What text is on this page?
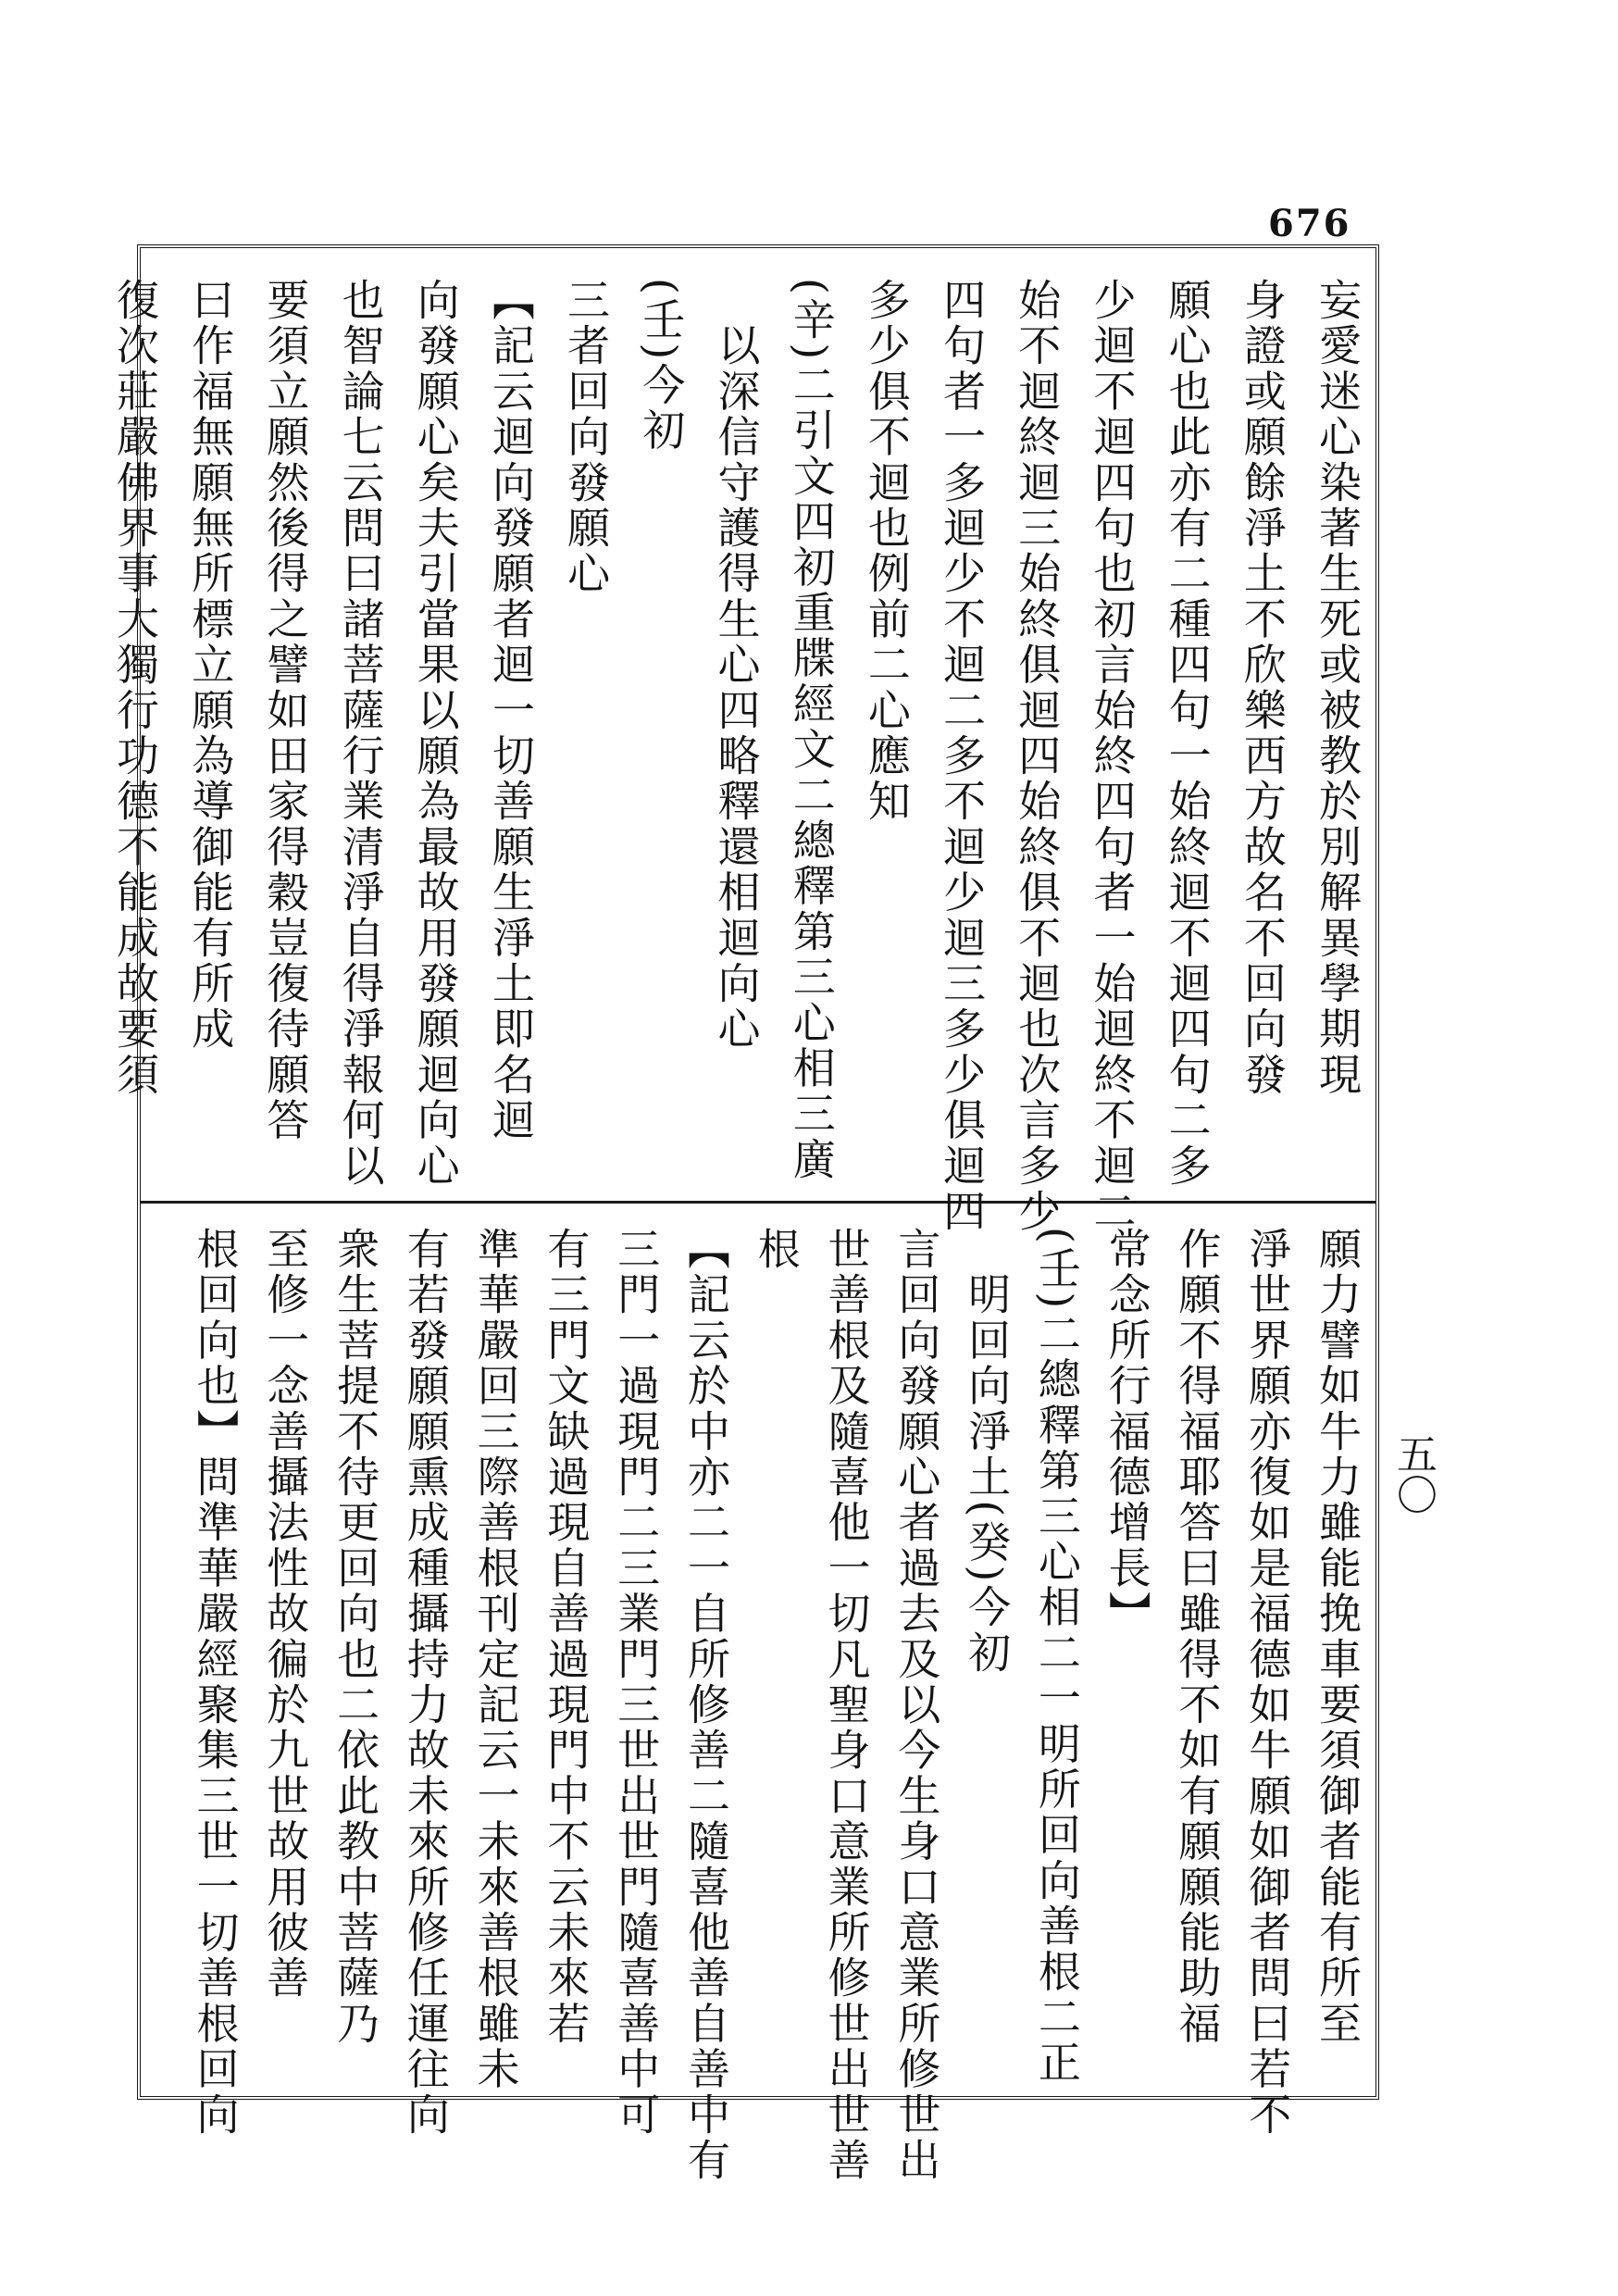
676
五〇
妄愛迷心染著生死或被教於別解異學期現
身證或願餘淨土不欣樂西方故名不回向發
願心也此亦有二種四句一始終迴不迴四句二多
少迴不迴四句也初言始終四句者一始迴終不迴二
始不迴終迴三始終俱迴四始終俱不迴也次言多少
四句者一多迴少不迴二多不迴少迴三多少俱迴四
多少俱不迴也例前二心應知
(辛)二引文四初重牒經文二總釋第三心相三廣
　以深信守護得生心四略釋還相迴向心
(壬)今初
三者回向發願心
【記云迴向發願者迴一切善願生淨土即名迴
向發願心矣夫引當果以願為最故用發願迴向心
也智論七云問曰諸菩薩行業清淨自得淨報何以
要須立願然後得之譬如田家得穀豈復待願答
曰作福無願無所標立願為導御能有所成
復次莊嚴佛界事大獨行功德不能成故要須
願力譬如牛力雖能挽車要須御者能有所至
淨世界願亦復如是福德如牛願如御者問曰若不
作願不得福耶答曰雖得不如有願願能助福
常念所行福德增長】
(壬)二總釋第三心相二一明所回向善根二正
　明回向淨土(癸)今初
言回向發願心者過去及以今生身口意業所修世出
世善根及隨喜他一切凡聖身口意業所修世出世善
根
【記云於中亦二一自所修善二隨喜他善自善中有
三門一過現門二三業門三世出世門隨喜善中可
有三門文缺過現自善過現門中不云未來若
準華嚴回三際善根刊定記云一未來善根雖未
有若發願願熏成種攝持力故未來所修任運往向
衆生菩提不待更回向也二依此教中菩薩乃
至修一念善攝法性故徧於九世故用彼善
根回向也】問準華嚴經聚集三世一切善根回向
